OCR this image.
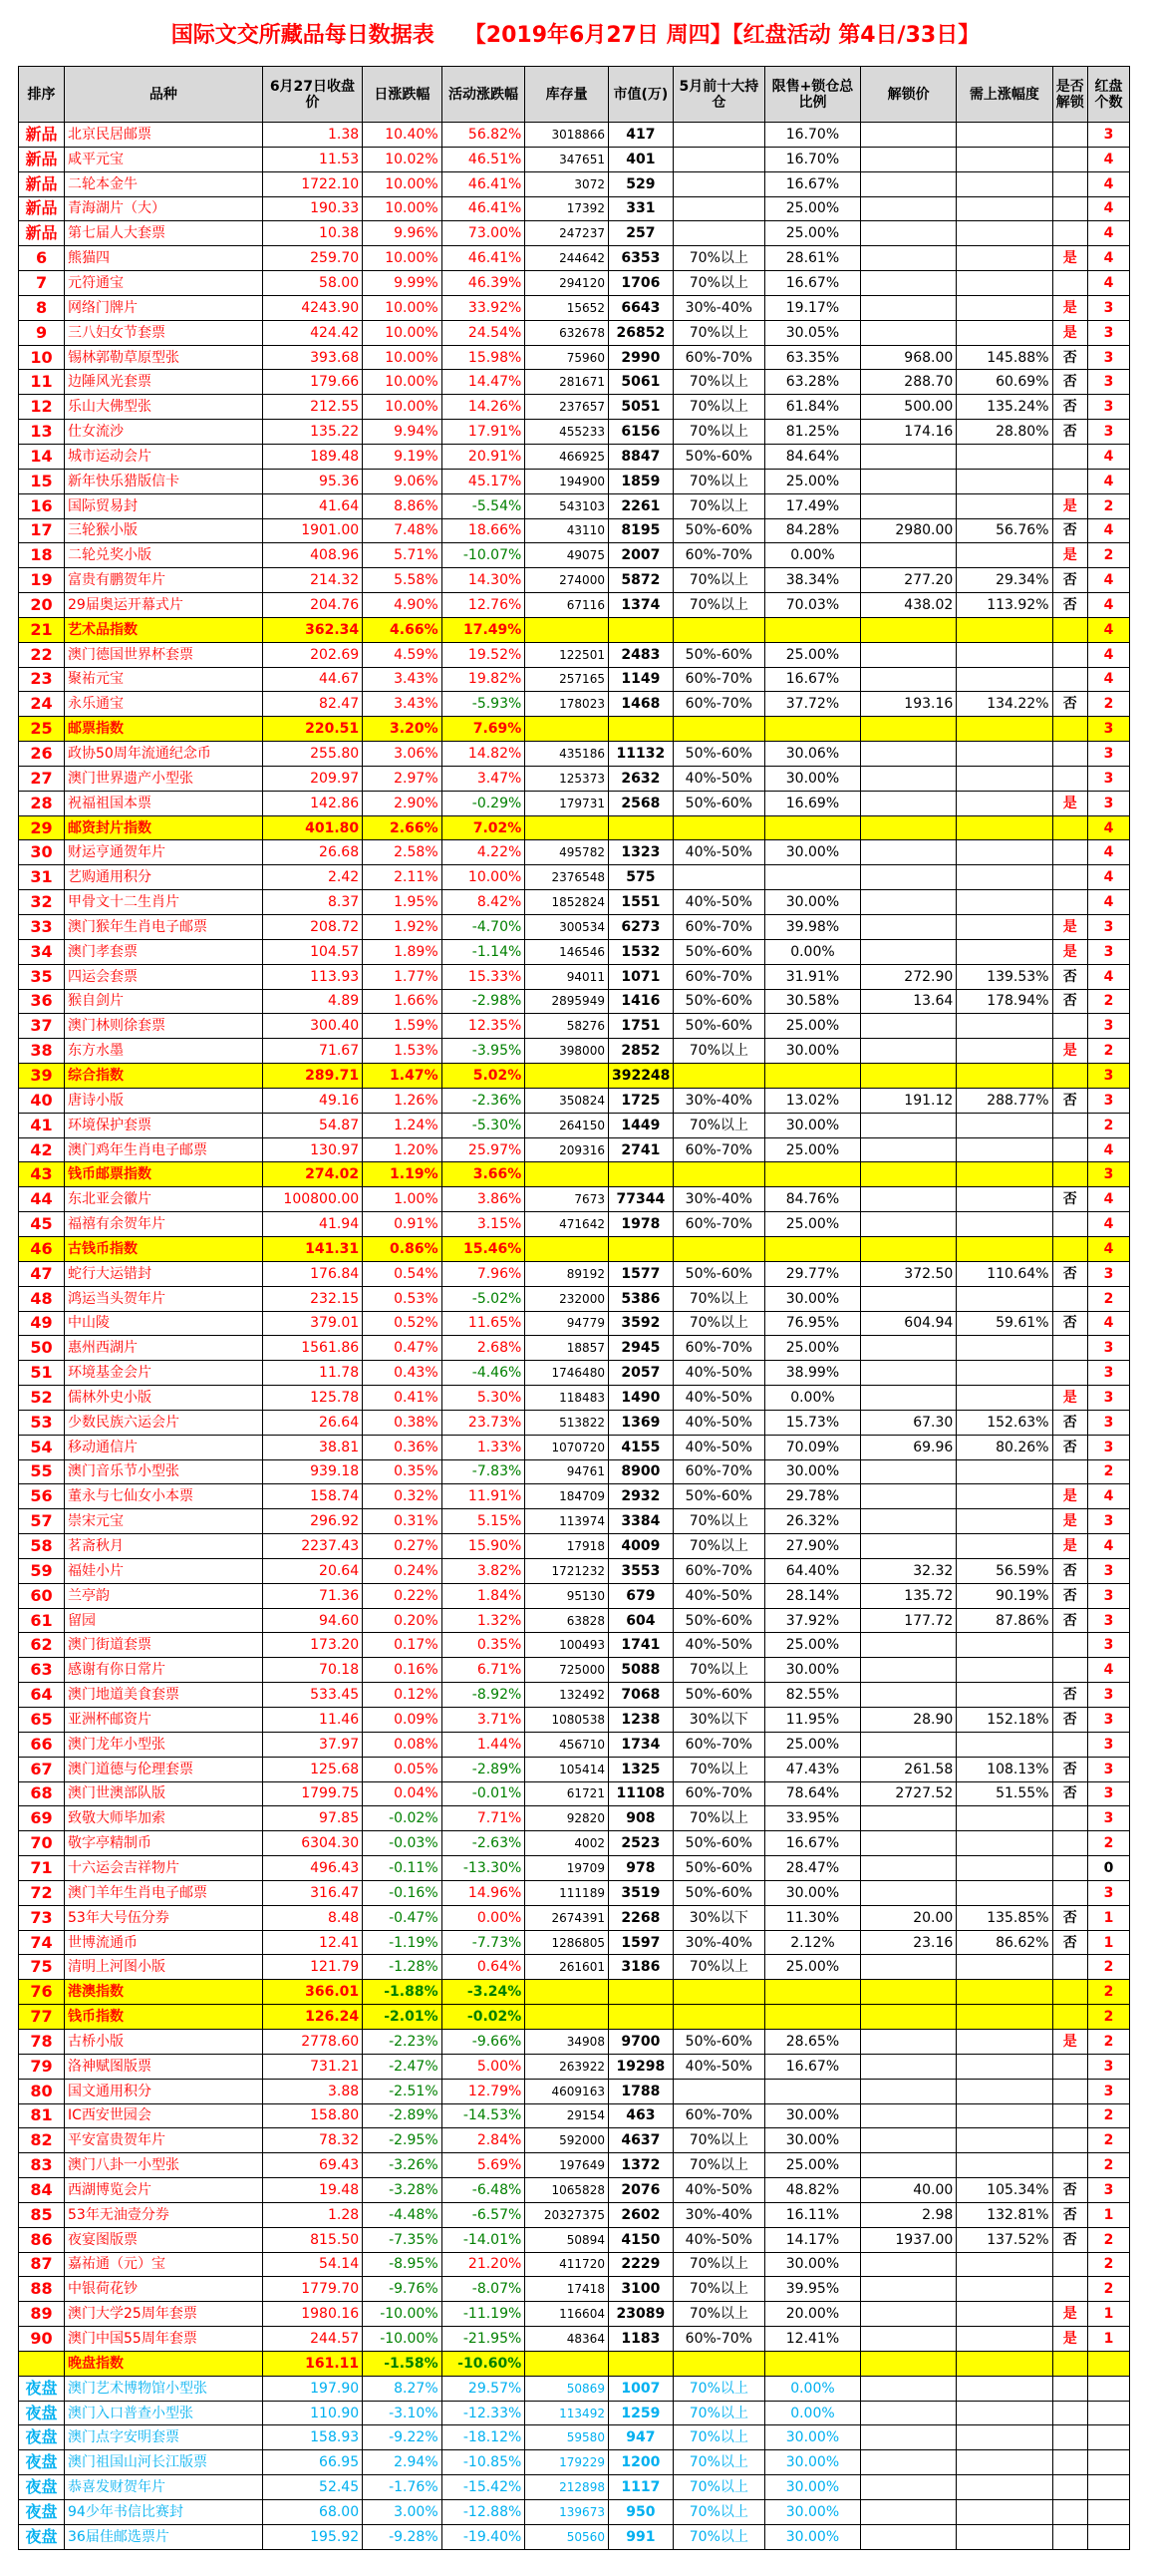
国际文交所藏品每日数据表 【2019年6月27日 周四】【红盘活动 第4日/33日】
排序	品种	6月27日收盘价	日涨跌幅	活动涨跌幅	库存量	市值(万)	5月前十大持仓	限售+锁仓总比例	解锁价	需上涨幅度	是否解锁	红盘个数
新品	北京民居邮票	1.38	10.40%	56.82%	3018866	417		16.70%				3
新品	咸平元宝	11.53	10.02%	46.51%	347651	401		16.70%				4
新品	二轮本金牛	1722.10	10.00%	46.41%	3072	529		16.67%				4
新品	青海湖片（大）	190.33	10.00%	46.41%	17392	331		25.00%				4
新品	第七届人大套票	10.38	9.96%	73.00%	247237	257		25.00%				4
6	熊猫四	259.70	10.00%	46.41%	244642	6353	70%以上	28.61%			是	4
7	元符通宝	58.00	9.99%	46.39%	294120	1706	70%以上	16.67%				4
8	网络门牌片	4243.90	10.00%	33.92%	15652	6643	30%-40%	19.17%			是	3
9	三八妇女节套票	424.42	10.00%	24.54%	632678	26852	70%以上	30.05%			是	3
10	锡林郭勒草原型张	393.68	10.00%	15.98%	75960	2990	60%-70%	63.35%	968.00	145.88%	否	3
11	边陲风光套票	179.66	10.00%	14.47%	281671	5061	70%以上	63.28%	288.70	60.69%	否	3
12	乐山大佛型张	212.55	10.00%	14.26%	237657	5051	70%以上	61.84%	500.00	135.24%	否	3
13	仕女流沙	135.22	9.94%	17.91%	455233	6156	70%以上	81.25%	174.16	28.80%	否	3
14	城市运动会片	189.48	9.19%	20.91%	466925	8847	50%-60%	84.64%				4
15	新年快乐猎版信卡	95.36	9.06%	45.17%	194900	1859	70%以上	25.00%				4
16	国际贸易封	41.64	8.86%	-5.54%	543103	2261	70%以上	17.49%			是	2
17	三轮猴小版	1901.00	7.48%	18.66%	43110	8195	50%-60%	84.28%	2980.00	56.76%	否	4
18	二轮兑奖小版	408.96	5.71%	-10.07%	49075	2007	60%-70%	0.00%			是	2
19	富贵有鹏贺年片	214.32	5.58%	14.30%	274000	5872	70%以上	38.34%	277.20	29.34%	否	4
20	29届奥运开幕式片	204.76	4.90%	12.76%	67116	1374	70%以上	70.03%	438.02	113.92%	否	4
21	艺术品指数	362.34	4.66%	17.49%								4
22	澳门德国世界杯套票	202.69	4.59%	19.52%	122501	2483	50%-60%	25.00%				4
23	聚祐元宝	44.67	3.43%	19.82%	257165	1149	60%-70%	16.67%				4
24	永乐通宝	82.47	3.43%	-5.93%	178023	1468	60%-70%	37.72%	193.16	134.22%	否	2
25	邮票指数	220.51	3.20%	7.69%								3
26	政协50周年流通纪念币	255.80	3.06%	14.82%	435186	11132	50%-60%	30.06%				3
27	澳门世界遗产小型张	209.97	2.97%	3.47%	125373	2632	40%-50%	30.00%				3
28	祝福祖国本票	142.86	2.90%	-0.29%	179731	2568	50%-60%	16.69%			是	3
29	邮资封片指数	401.80	2.66%	7.02%								4
30	财运亨通贺年片	26.68	2.58%	4.22%	495782	1323	40%-50%	30.00%				4
31	艺购通用积分	2.42	2.11%	10.00%	2376548	575						4
32	甲骨文十二生肖片	8.37	1.95%	8.42%	1852824	1551	40%-50%	30.00%				4
33	澳门猴年生肖电子邮票	208.72	1.92%	-4.70%	300534	6273	60%-70%	39.98%			是	3
34	澳门孝套票	104.57	1.89%	-1.14%	146546	1532	50%-60%	0.00%			是	3
35	四运会套票	113.93	1.77%	15.33%	94011	1071	60%-70%	31.91%	272.90	139.53%	否	4
36	猴自剑片	4.89	1.66%	-2.98%	2895949	1416	50%-60%	30.58%	13.64	178.94%	否	2
37	澳门林则徐套票	300.40	1.59%	12.35%	58276	1751	50%-60%	25.00%				3
38	东方水墨	71.67	1.53%	-3.95%	398000	2852	70%以上	30.00%			是	2
39	综合指数	289.71	1.47%	5.02%		392248						3
40	唐诗小版	49.16	1.26%	-2.36%	350824	1725	30%-40%	13.02%	191.12	288.77%	否	3
41	环境保护套票	54.87	1.24%	-5.30%	264150	1449	70%以上	30.00%				2
42	澳门鸡年生肖电子邮票	130.97	1.20%	25.97%	209316	2741	60%-70%	25.00%				4
43	钱币邮票指数	274.02	1.19%	3.66%								3
44	东北亚会徽片	100800.00	1.00%	3.86%	7673	77344	30%-40%	84.76%			否	4
45	福禧有余贺年片	41.94	0.91%	3.15%	471642	1978	60%-70%	25.00%				4
46	古钱币指数	141.31	0.86%	15.46%								4
47	蛇行大运错封	176.84	0.54%	7.96%	89192	1577	50%-60%	29.77%	372.50	110.64%	否	3
48	鸿运当头贺年片	232.15	0.53%	-5.02%	232000	5386	70%以上	30.00%				2
49	中山陵	379.01	0.52%	11.65%	94779	3592	70%以上	76.95%	604.94	59.61%	否	4
50	惠州西湖片	1561.86	0.47%	2.68%	18857	2945	60%-70%	25.00%				3
51	环境基金会片	11.78	0.43%	-4.46%	1746480	2057	40%-50%	38.99%				3
52	儒林外史小版	125.78	0.41%	5.30%	118483	1490	40%-50%	0.00%			是	3
53	少数民族六运会片	26.64	0.38%	23.73%	513822	1369	40%-50%	15.73%	67.30	152.63%	否	3
54	移动通信片	38.81	0.36%	1.33%	1070720	4155	40%-50%	70.09%	69.96	80.26%	否	3
55	澳门音乐节小型张	939.18	0.35%	-7.83%	94761	8900	60%-70%	30.00%				2
56	董永与七仙女小本票	158.74	0.32%	11.91%	184709	2932	50%-60%	29.78%			是	4
57	崇宋元宝	296.92	0.31%	5.15%	113974	3384	70%以上	26.32%			是	3
58	茗斋秋月	2237.43	0.27%	15.90%	17918	4009	70%以上	27.90%			是	4
59	福娃小片	20.64	0.24%	3.82%	1721232	3553	60%-70%	64.40%	32.32	56.59%	否	3
60	兰亭韵	71.36	0.22%	1.84%	95130	679	40%-50%	28.14%	135.72	90.19%	否	3
61	留园	94.60	0.20%	1.32%	63828	604	50%-60%	37.92%	177.72	87.86%	否	3
62	澳门街道套票	173.20	0.17%	0.35%	100493	1741	40%-50%	25.00%				3
63	感谢有你日常片	70.18	0.16%	6.71%	725000	5088	70%以上	30.00%				4
64	澳门地道美食套票	533.45	0.12%	-8.92%	132492	7068	50%-60%	82.55%			否	3
65	亚洲杯邮资片	11.46	0.09%	3.71%	1080538	1238	30%以下	11.95%	28.90	152.18%	否	3
66	澳门龙年小型张	37.97	0.08%	1.44%	456710	1734	60%-70%	25.00%				3
67	澳门道德与伦理套票	125.68	0.05%	-2.89%	105414	1325	70%以上	47.43%	261.58	108.13%	否	3
68	澳门世澳部队版	1799.75	0.04%	-0.01%	61721	11108	60%-70%	78.64%	2727.52	51.55%	否	3
69	致敬大师毕加索	97.85	-0.02%	7.71%	92820	908	70%以上	33.95%				3
70	敬字亭精制币	6304.30	-0.03%	-2.63%	4002	2523	50%-60%	16.67%				2
71	十六运会吉祥物片	496.43	-0.11%	-13.30%	19709	978	50%-60%	28.47%				0
72	澳门羊年生肖电子邮票	316.47	-0.16%	14.96%	111189	3519	50%-60%	30.00%				3
73	53年大号伍分券	8.48	-0.47%	0.00%	2674391	2268	30%以下	11.30%	20.00	135.85%	否	1
74	世博流通币	12.41	-1.19%	-7.73%	1286805	1597	30%-40%	2.12%	23.16	86.62%	否	1
75	清明上河图小版	121.79	-1.28%	0.64%	261601	3186	70%以上	25.00%				2
76	港澳指数	366.01	-1.88%	-3.24%								2
77	钱币指数	126.24	-2.01%	-0.02%								2
78	古桥小版	2778.60	-2.23%	-9.66%	34908	9700	50%-60%	28.65%			是	2
79	洛神赋图版票	731.21	-2.47%	5.00%	263922	19298	40%-50%	16.67%				3
80	国文通用积分	3.88	-2.51%	12.79%	4609163	1788						3
81	IC西安世园会	158.80	-2.89%	-14.53%	29154	463	60%-70%	30.00%				2
82	平安富贵贺年片	78.32	-2.95%	2.84%	592000	4637	70%以上	30.00%				2
83	澳门八卦一小型张	69.43	-3.26%	5.69%	197649	1372	70%以上	25.00%				2
84	西湖博览会片	19.48	-3.28%	-6.48%	1065828	2076	40%-50%	48.82%	40.00	105.34%	否	3
85	53年无油壹分券	1.28	-4.48%	-6.57%	20327375	2602	30%-40%	16.11%	2.98	132.81%	否	1
86	夜宴图版票	815.50	-7.35%	-14.01%	50894	4150	40%-50%	14.17%	1937.00	137.52%	否	2
87	嘉祐通（元）宝	54.14	-8.95%	21.20%	411720	2229	70%以上	30.00%				2
88	中银荷花钞	1779.70	-9.76%	-8.07%	17418	3100	70%以上	39.95%				2
89	澳门大学25周年套票	1980.16	-10.00%	-11.19%	116604	23089	70%以上	20.00%			是	1
90	澳门中国55周年套票	244.57	-10.00%	-21.95%	48364	1183	60%-70%	12.41%			是	1
	晚盘指数	161.11	-1.58%	-10.60%								
夜盘	澳门艺术博物馆小型张	197.90	8.27%	29.57%	50869	1007	70%以上	0.00%				
夜盘	澳门入口普查小型张	110.90	-3.10%	-12.33%	113492	1259	70%以上	0.00%				
夜盘	澳门点字安明套票	158.93	-9.22%	-18.12%	59580	947	70%以上	30.00%				
夜盘	澳门祖国山河长江版票	66.95	2.94%	-10.85%	179229	1200	70%以上	30.00%				
夜盘	恭喜发财贺年片	52.45	-1.76%	-15.42%	212898	1117	70%以上	30.00%				
夜盘	94少年书信比赛封	68.00	3.00%	-12.88%	139673	950	70%以上	30.00%				
夜盘	36届佳邮选票片	195.92	-9.28%	-19.40%	50560	991	70%以上	30.00%				
